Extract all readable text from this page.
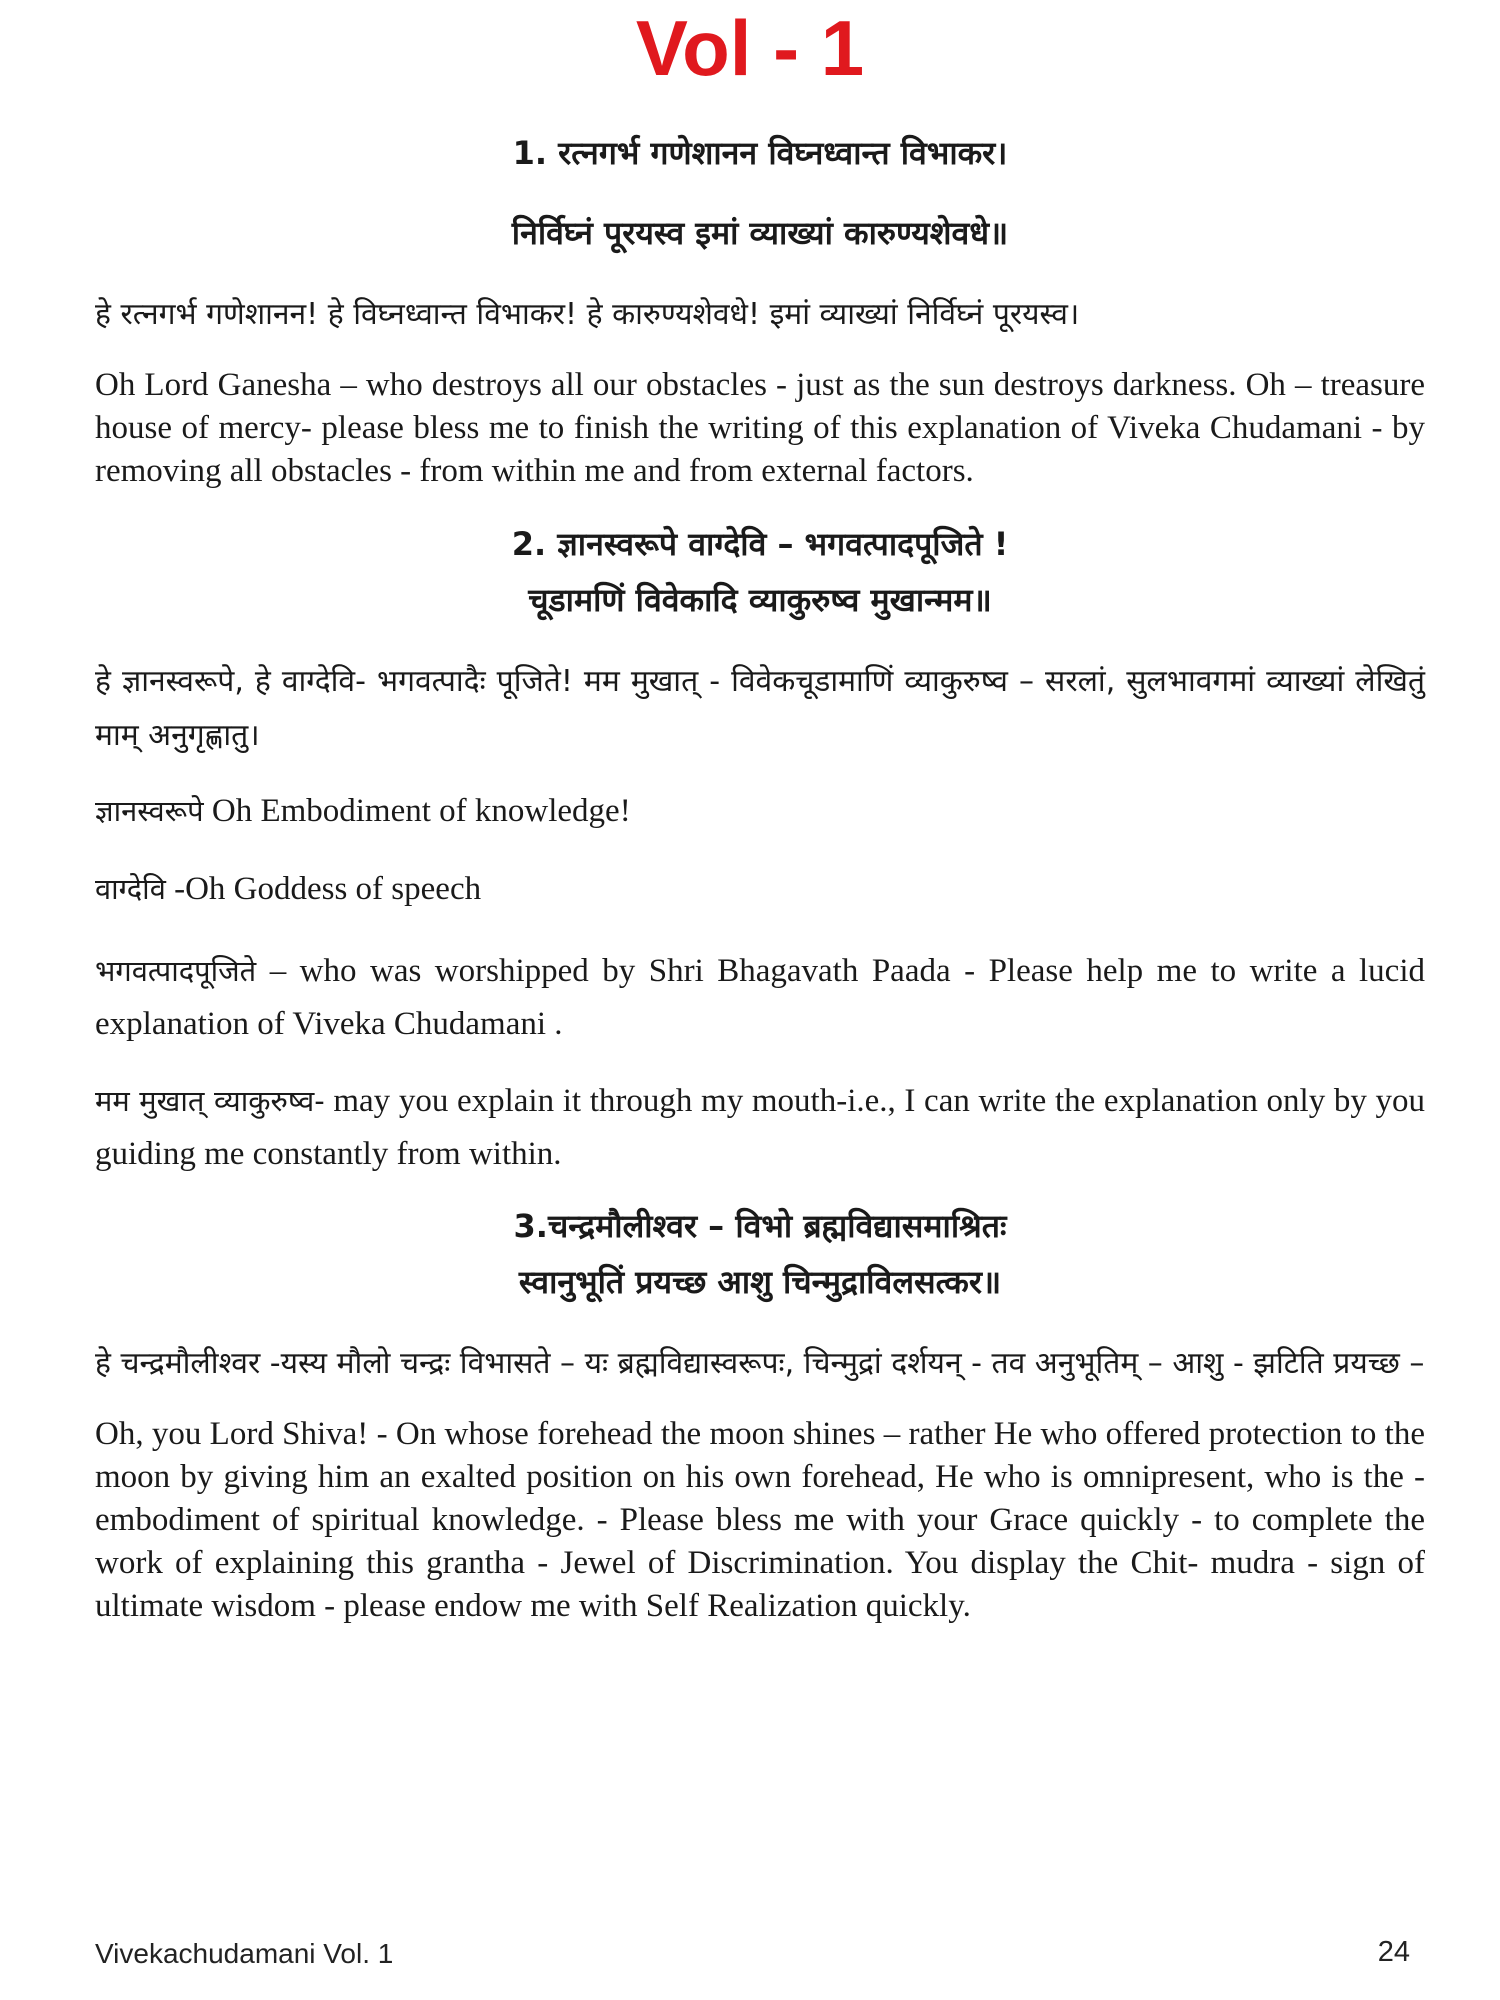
Vol - 1

1. रत्नगर्भ गणेशानन विघ्नध्वान्त विभाकर।

निर्विघ्नं पूरयस्व इमां व्याख्यां कारुण्यशेवधे॥

हे रत्नगर्भ गणेशानन! हे विघ्नध्वान्त विभाकर! हे कारुण्यशेवधे! इमां व्याख्यां निर्विघ्नं पूरयस्व।

Oh Lord Ganesha – who destroys all our obstacles - just as the sun destroys darkness. Oh – treasure house of mercy- please bless me to finish the writing of this explanation of Viveka Chudamani - by removing all obstacles - from within me and from external factors.

2. ज्ञानस्वरूपे वाग्देवि – भगवत्पादपूजिते !

चूडामणिं विवेकादि व्याकुरुष्व मुखान्मम॥

हे ज्ञानस्वरूपे, हे वाग्देवि- भगवत्पादैः पूजिते! मम मुखात् - विवेकचूडामाणिं व्याकुरुष्व – सरलां, सुलभावगमां व्याख्यां लेखितुं माम् अनुगृह्णातु।

ज्ञानस्वरूपे Oh Embodiment of knowledge!

वाग्देवि -Oh Goddess of speech

भगवत्पादपूजिते – who was worshipped by Shri Bhagavath Paada - Please help me to write a lucid explanation of Viveka Chudamani .

मम मुखात् व्याकुरुष्व- may you explain it through my mouth-i.e., I can write the explanation only by you guiding me constantly from within.

3.चन्द्रमौलीश्वर – विभो ब्रह्मविद्यासमाश्रितः

स्वानुभूतिं प्रयच्छ आशु चिन्मुद्राविलसत्कर॥

हे चन्द्रमौलीश्वर -यस्य मौलो चन्द्रः विभासते – यः ब्रह्मविद्यास्वरूपः, चिन्मुद्रां दर्शयन् - तव अनुभूतिम् – आशु - झटिति प्रयच्छ –

Oh, you Lord Shiva! - On whose forehead the moon shines – rather He who offered protection to the moon by giving him an exalted position on his own forehead, He who is omnipresent, who is the - embodiment of spiritual knowledge. - Please bless me with your Grace quickly - to complete the work of explaining this grantha - Jewel of Discrimination. You display the Chit- mudra - sign of ultimate wisdom - please endow me with Self Realization quickly.

Vivekachudamani Vol. 1	24
